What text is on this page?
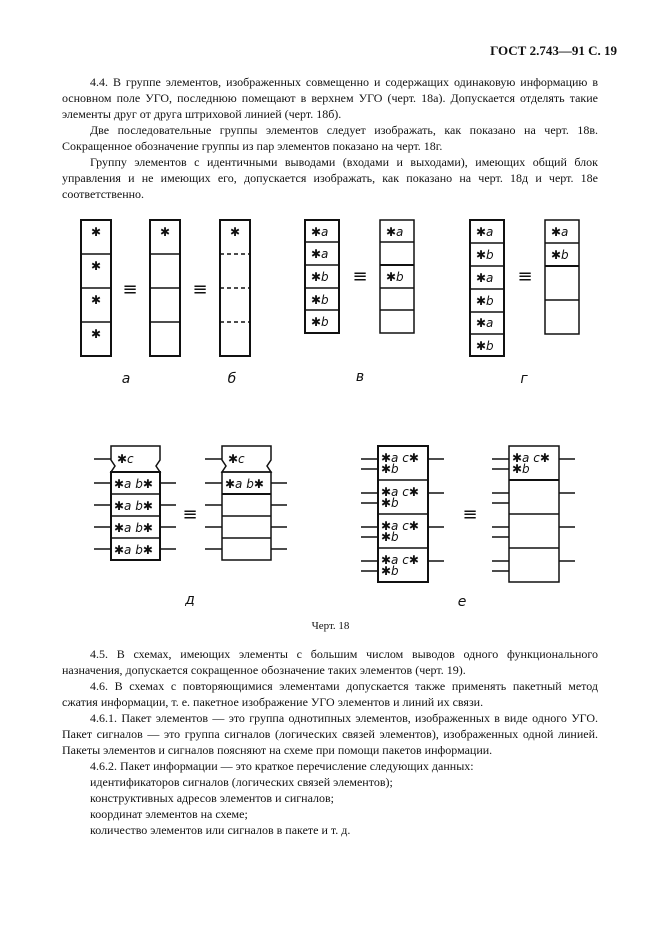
ГОСТ 2.743—91 С. 19

4.4. В группе элементов, изображенных совмещенно и содержащих одинаковую информацию в основном поле УГО, последнюю помещают в верхнем УГО (черт. 18а). Допускается отделять такие элементы друг от друга штриховой линией (черт. 18б).

Две последовательные группы элементов следует изображать, как показано на черт. 18в. Сокращенное обозначение группы из пар элементов показано на черт. 18г.

Группу элементов с идентичными выводами (входами и выходами), имеющих общий блок управления и не имеющих его, допускается изображать, как показано на черт. 18д и черт. 18е соответственно.

✱
✱
✱
✱
✱	✱	✱а
✱а
✱b
✱b
✱b
✱а
✱b
✱а
✱b
✱а
✱b
✱а
✱b
✱а
✱b
✱c
✱а b✱
✱а b✱
✱а b✱
✱а b✱
✱c
✱а b✱
✱а c✱
✱b
✱а c✱
✱b
✱а c✱
✱b
✱а c✱
✱b
✱а c✱
✱b
≡	≡
≡	≡
≡	≡
а	б	в	г
д	е
Черт. 18

4.5. В схемах, имеющих элементы с большим числом выводов одного функционального назначения, допускается сокращенное обозначение таких элементов (черт. 19).

4.6. В схемах с повторяющимися элементами допускается также применять пакетный метод сжатия информации, т. е. пакетное изображение УГО элементов и линий их связи.

4.6.1. Пакет элементов — это группа однотипных элементов, изображенных в виде одного УГО. Пакет сигналов — это группа сигналов (логических связей элементов), изображенных одной линией. Пакеты элементов и сигналов поясняют на схеме при помощи пакетов информации.

4.6.2. Пакет информации — это краткое перечисление следующих данных:

идентификаторов сигналов (логических связей элементов);

конструктивных адресов элементов и сигналов;

координат элементов на схеме;

количество элементов или сигналов в пакете и т. д.
